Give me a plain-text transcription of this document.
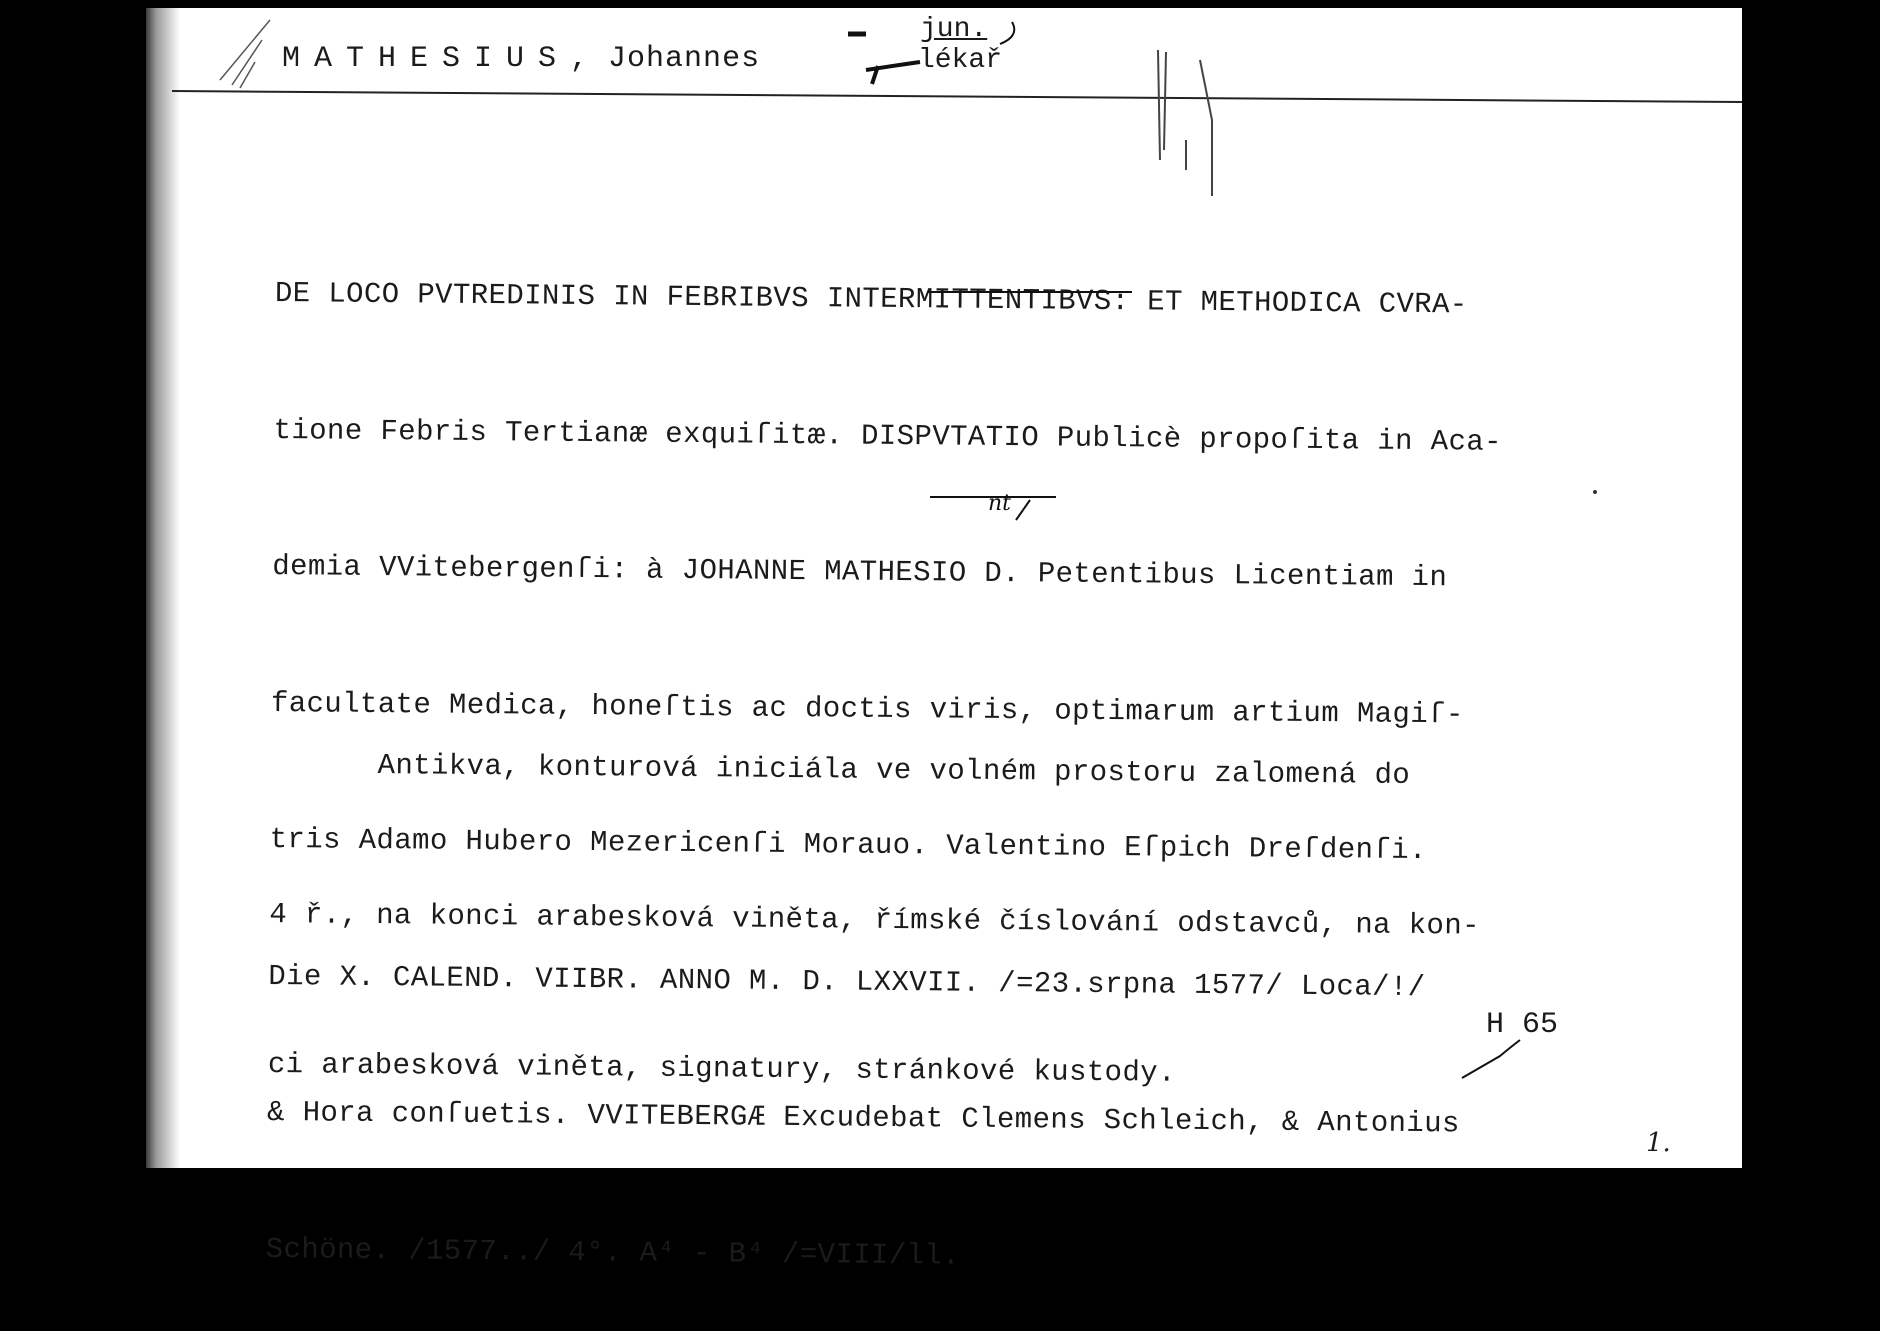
MATHESIUS, Johannes
jun.
lékař

DE LOCO PVTREDINIS IN FEBRIBVS INTERMITTENTIBVS: ET METHODICA CVRA-

tione Febris Tertianæ exquiſitæ. DISPVTATIO Publicè propoſita in Aca-

demia VVitebergenſi: à JOHANNE MATHESIO D. Petentibus Licentiam in

facultate Medica, honeſtis ac doctis viris, optimarum artium Magiſ-

tris Adamo Hubero Mezericenſi Morauo. Valentino Eſpich Dreſdenſi.

Die X. CALEND. VIIBR. ANNO M. D. LXXVII. /=23.srpna 1577/ Loca/!/

& Hora conſuetis. VVITEBERGÆ Excudebat Clemens Schleich, & Antonius

Schöne. /1577../ 4°. A⁴ - B⁴ /=VIII/ll.

Antikva, konturová iniciála ve volném prostoru zalomená do

4 ř., na konci arabesková viněta, římské číslování odstavců, na kon-

ci arabesková viněta, signatury, stránkové kustody.

H 65
1.
nt
